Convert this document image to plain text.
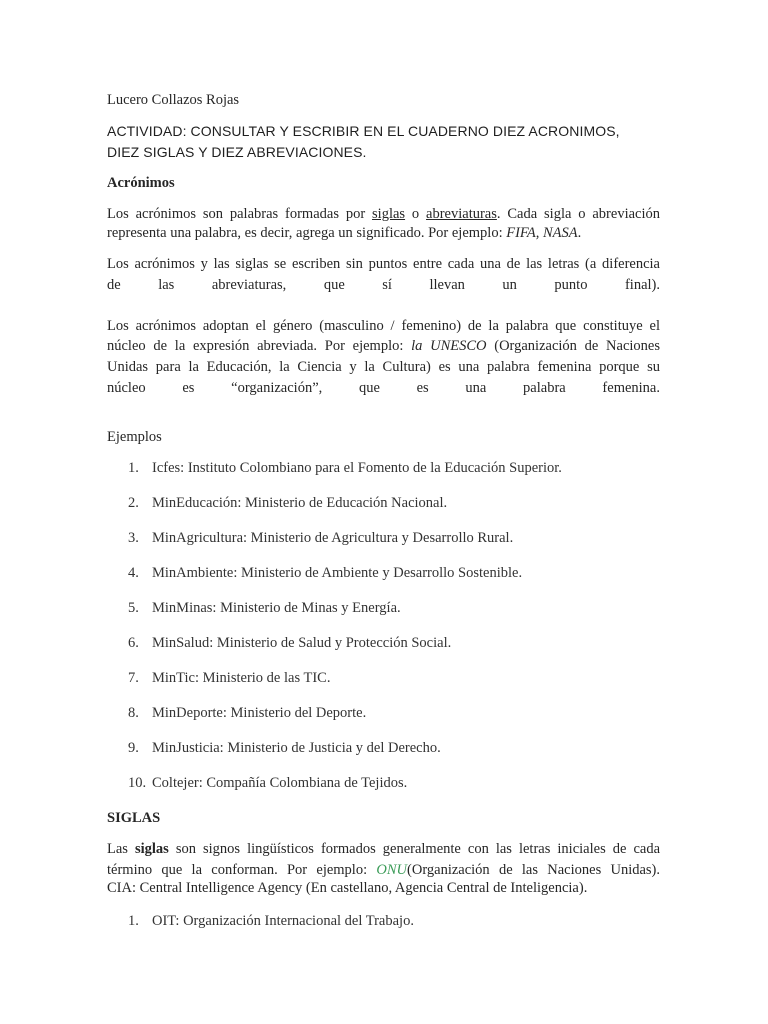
Lucero Collazos Rojas

ACTIVIDAD: CONSULTAR Y ESCRIBIR EN EL CUADERNO DIEZ ACRONIMOS,

DIEZ SIGLAS Y DIEZ ABREVIACIONES.

Acrónimos

Los acrónimos son palabras formadas por siglas o abreviaturas. Cada sigla o abreviación

representa una palabra, es decir, agrega un significado. Por ejemplo: FIFA, NASA.

Los acrónimos y las siglas se escriben sin puntos entre cada una de las letras (a diferencia

de las abreviaturas, que sí llevan un punto final).

Los acrónimos adoptan el género (masculino / femenino) de la palabra que constituye el

núcleo de la expresión abreviada. Por ejemplo: la UNESCO (Organización de Naciones

Unidas para la Educación, la Ciencia y la Cultura) es una palabra femenina porque su

núcleo es “organización”, que es una palabra femenina.

Ejemplos

1. Icfes: Instituto Colombiano para el Fomento de la Educación Superior.

2. MinEducación: Ministerio de Educación Nacional.

3. MinAgricultura: Ministerio de Agricultura y Desarrollo Rural.

4. MinAmbiente: Ministerio de Ambiente y Desarrollo Sostenible.

5. MinMinas: Ministerio de Minas y Energía.

6. MinSalud: Ministerio de Salud y Protección Social.

7. MinTic: Ministerio de las TIC.

8. MinDeporte: Ministerio del Deporte.

9. MinJusticia: Ministerio de Justicia y del Derecho.

10. Coltejer: Compañía Colombiana de Tejidos.

SIGLAS

Las siglas son signos lingüísticos formados generalmente con las letras iniciales de cada

término que la conforman. Por ejemplo: ONU(Organización de las Naciones Unidas).

CIA: Central Intelligence Agency (En castellano, Agencia Central de Inteligencia).

1. OIT: Organización Internacional del Trabajo.
